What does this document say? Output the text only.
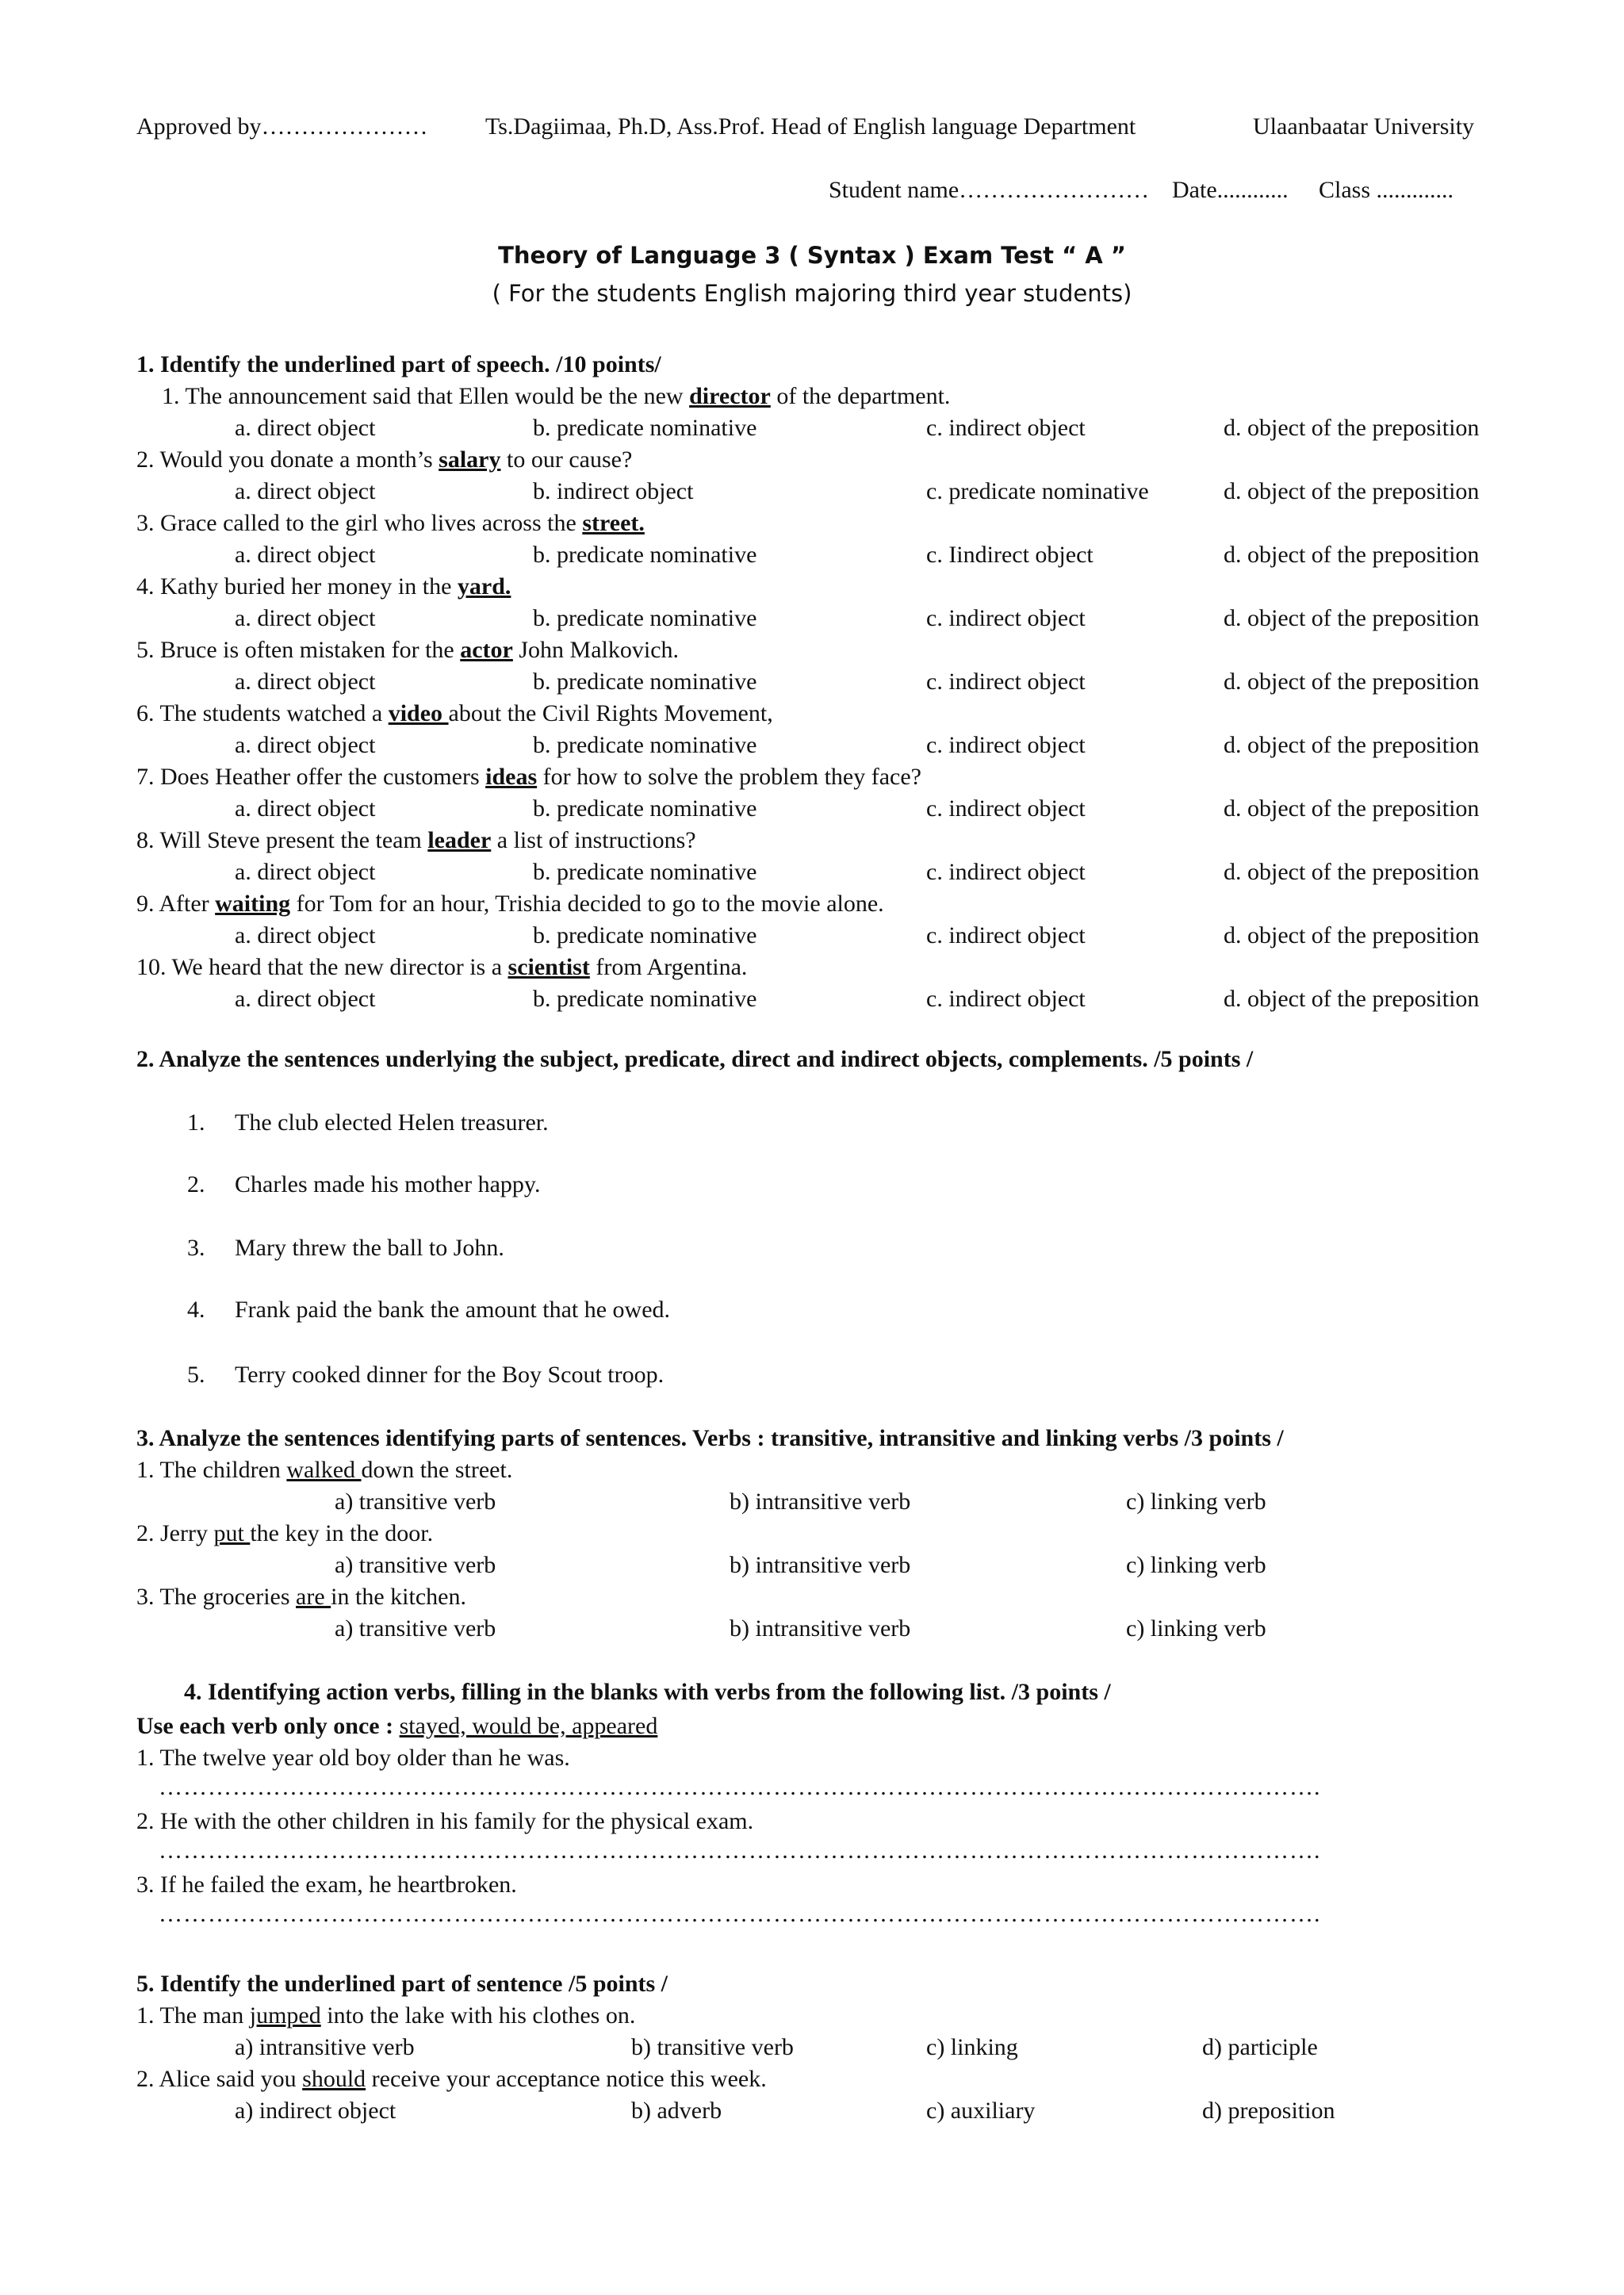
Approved by………………… Ts.Dagiimaa, Ph.D, Ass.Prof. Head of English language Department	Ulaanbaatar University
Student name…………………… Date............ Class .............
Theory of Language 3 ( Syntax ) Exam Test “ A ”
( For the students English majoring third year students)
1. Identify the underlined part of speech. /10 points/
1. The announcement said that Ellen would be the new director of the department.
a. direct object	b. predicate nominative	c. indirect object	d. object of the preposition
2. Would you donate a month’s salary to our cause?
a. direct object	b. indirect object	c. predicate nominative	d. object of the preposition
3. Grace called to the girl who lives across the street.
a. direct object	b. predicate nominative	c. Iindirect object	d. object of the preposition
4. Kathy buried her money in the yard.
a. direct object	b. predicate nominative	c. indirect object	d. object of the preposition
5. Bruce is often mistaken for the actor John Malkovich.
a. direct object	b. predicate nominative	c. indirect object	d. object of the preposition
6. The students watched a video about the Civil Rights Movement,
a. direct object	b. predicate nominative	c. indirect object	d. object of the preposition
7. Does Heather offer the customers ideas for how to solve the problem they face?
a. direct object	b. predicate nominative	c. indirect object	d. object of the preposition
8. Will Steve present the team leader a list of instructions?
a. direct object	b. predicate nominative	c. indirect object	d. object of the preposition
9. After waiting for Tom for an hour, Trishia decided to go to the movie alone.
a. direct object	b. predicate nominative	c. indirect object	d. object of the preposition
10. We heard that the new director is a scientist from Argentina.
a. direct object	b. predicate nominative	c. indirect object	d. object of the preposition
2. Analyze the sentences underlying the subject, predicate, direct and indirect objects, complements. /5 points /
1. The club elected Helen treasurer.
2. Charles made his mother happy.
3. Mary threw the ball to John.
4. Frank paid the bank the amount that he owed.
5. Terry cooked dinner for the Boy Scout troop.
3. Analyze the sentences identifying parts of sentences. Verbs : transitive, intransitive and linking verbs /3 points /
1. The children walked down the street.
a) transitive verb	b) intransitive verb	c) linking verb
2. Jerry put the key in the door.
a) transitive verb	b) intransitive verb	c) linking verb
3. The groceries are in the kitchen.
a) transitive verb	b) intransitive verb	c) linking verb
4. Identifying action verbs, filling in the blanks with verbs from the following list. /3 points /
Use each verb only once : stayed, would be, appeared
1. The twelve year old boy older than he was.
…………………………………………………………………………………………………………………………….
2. He with the other children in his family for the physical exam.
…………………………………………………………………………………………………………………………….
3. If he failed the exam, he heartbroken.
…………………………………………………………………………………………………………………………….
5. Identify the underlined part of sentence /5 points /
1. The man jumped into the lake with his clothes on.
a) intransitive verb	b) transitive verb	c) linking	d) participle
2. Alice said you should receive your acceptance notice this week.
a) indirect object	b) adverb	c) auxiliary	d) preposition
